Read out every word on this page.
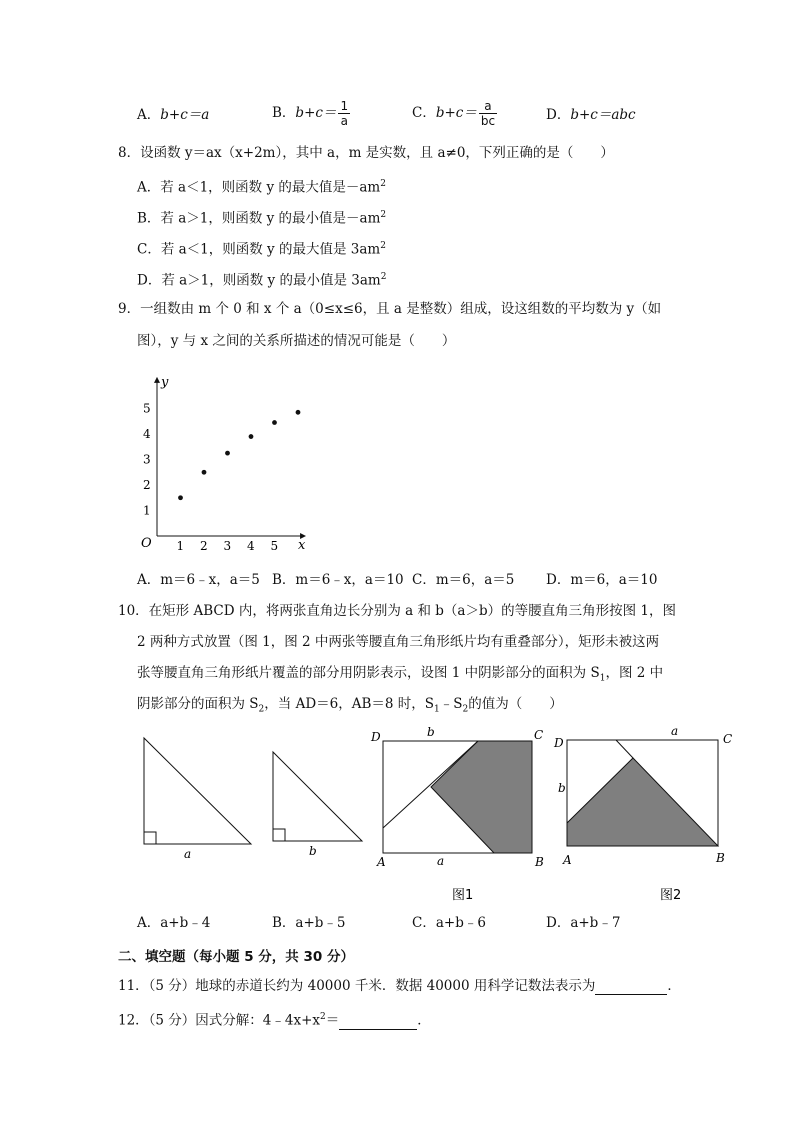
A．b+c＝a	B．$b+c= \frac{1}{a}$	C．$b+c= \frac{a}{bc}$	D．b+c＝abc
8．设函数 y＝ax（x+2m），其中 a，m 是实数，且 a≠0，下列正确的是（　　）
A．若 a＜1，则函数 y 的最大值是$-am^2$
B．若 a＞1，则函数 y 的最小值是$-am^2$
C．若 a＜1，则函数 y 的最大值是 $3am^2$
D．若 a＞1，则函数 y 的最小值是 $3am^2$
9．一组数由 m 个 0 和 x 个 a（0≤x≤6，且 a 是整数）组成，设这组数的平均数为 y（如
图），y 与 x 之间的关系所描述的情况可能是（　　）
O	x
y
1 2 3 4 5
1
2
3
4
5
A．m＝6﹣x，a＝5 B．m＝6﹣x，a＝10 C．m＝6，a＝5 D．m＝6，a＝10
10．在矩形 ABCD 内，将两张直角边长分别为 a 和 b（a＞b）的等腰直角三角形按图 1，图
2 两种方式放置（图 1，图 2 中两张等腰直角三角形纸片均有重叠部分），矩形未被这两
张等腰直角三角形纸片覆盖的部分用阴影表示，设图 1 中阴影部分的面积为 $S_1$，图 2 中
阴影部分的面积为 $S_2$，当 AD＝6，AB＝8 时，$S_1﹣S_2$的值为（　　）
a	b
D	C
A	B
b
a
图1
D	C
A	B
a
b
图2
A．a+b﹣4	B．a+b﹣5	C．a+b﹣6	D．a+b﹣7
二、填空题（每小题 5 分，共 30 分）
11．（5 分）地球的赤道长约为 40000 千米．数据 40000 用科学记数法表示为	．
12．（5 分）因式分解：$4﹣4x+x^2=$	．
